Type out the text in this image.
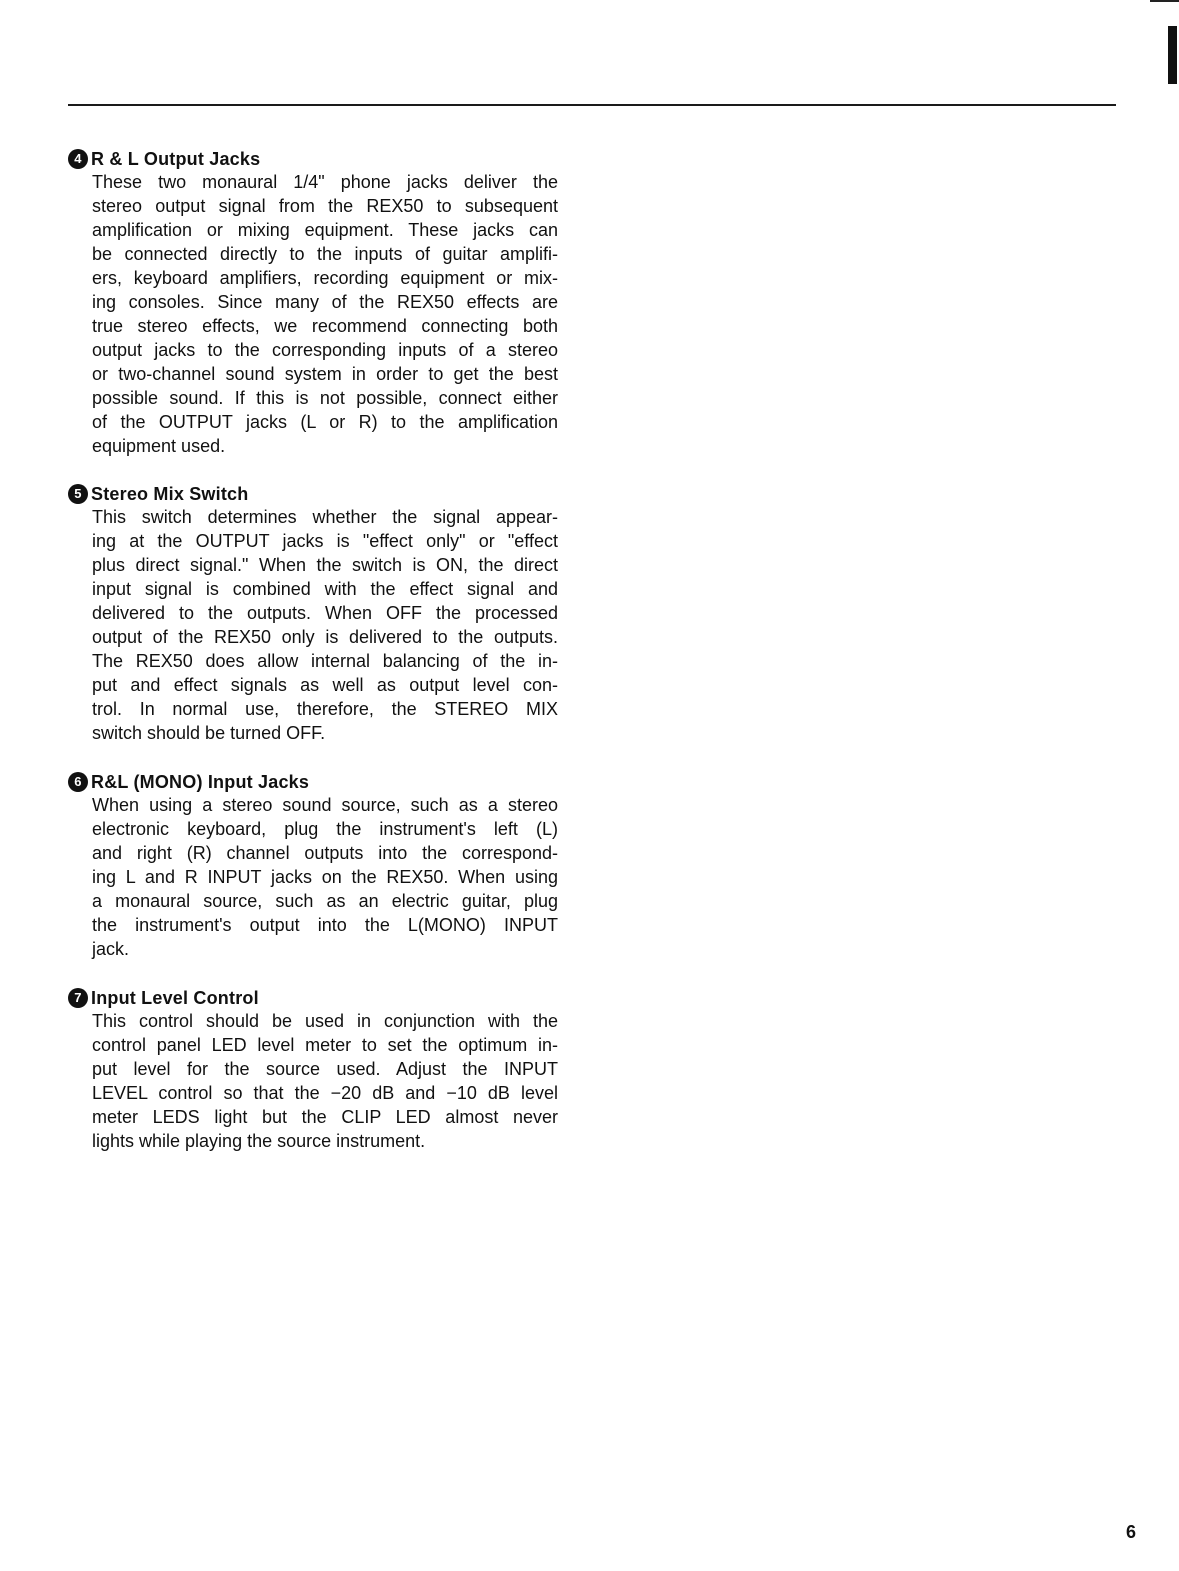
4 R & L Output Jacks
These two monaural 1/4" phone jacks deliver the
stereo output signal from the REX50 to subsequent
amplification or mixing equipment. These jacks can
be connected directly to the inputs of guitar amplifi-
ers, keyboard amplifiers, recording equipment or mix-
ing consoles. Since many of the REX50 effects are
true stereo effects, we recommend connecting both
output jacks to the corresponding inputs of a stereo
or two-channel sound system in order to get the best
possible sound. If this is not possible, connect either
of the OUTPUT jacks (L or R) to the amplification
equipment used.
5 Stereo Mix Switch
This switch determines whether the signal appear-
ing at the OUTPUT jacks is "effect only" or "effect
plus direct signal." When the switch is ON, the direct
input signal is combined with the effect signal and
delivered to the outputs. When OFF the processed
output of the REX50 only is delivered to the outputs.
The REX50 does allow internal balancing of the in-
put and effect signals as well as output level con-
trol. In normal use, therefore, the STEREO MIX
switch should be turned OFF.
6 R&L (MONO) Input Jacks
When using a stereo sound source, such as a stereo
electronic keyboard, plug the instrument's left (L)
and right (R) channel outputs into the correspond-
ing L and R INPUT jacks on the REX50. When using
a monaural source, such as an electric guitar, plug
the instrument's output into the L(MONO) INPUT
jack.
7 Input Level Control
This control should be used in conjunction with the
control panel LED level meter to set the optimum in-
put level for the source used. Adjust the INPUT
LEVEL control so that the −20 dB and −10 dB level
meter LEDS light but the CLIP LED almost never
lights while playing the source instrument.
6
